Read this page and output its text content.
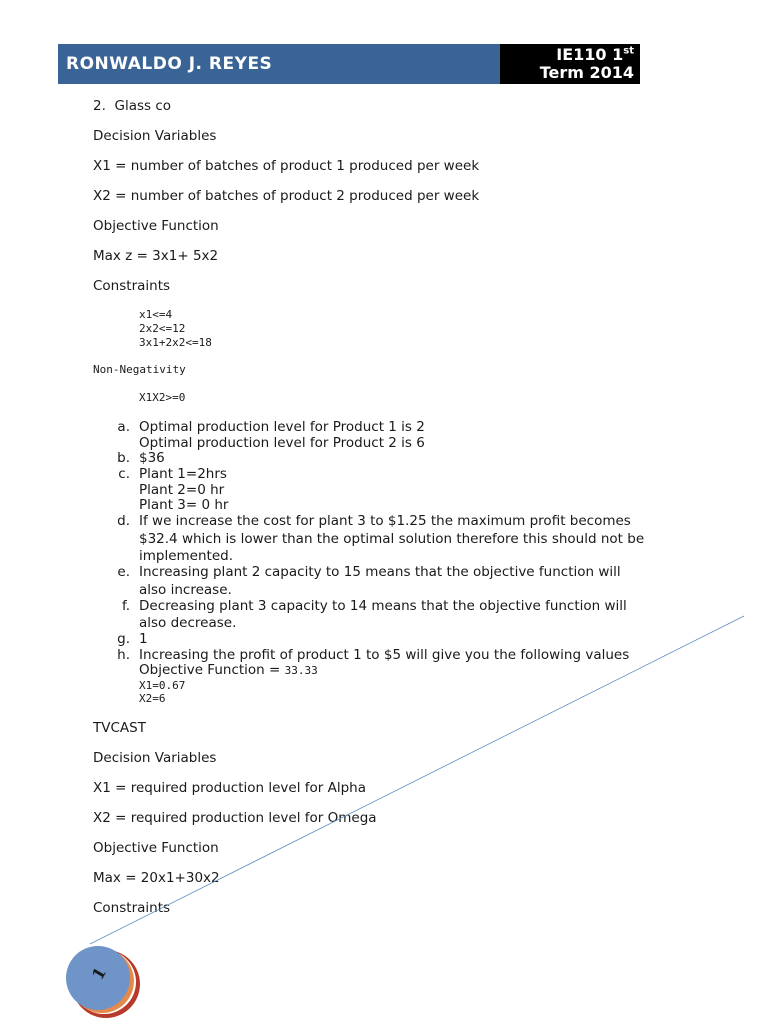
RONWALDO J. REYES	IE110 1st
Term 2014
2. Glass co
Decision Variables
X1 = number of batches of product 1 produced per week
X2 = number of batches of product 2 produced per week
Objective Function
Max z = 3x1+ 5x2
Constraints
x1<=4
2x2<=12
3x1+2x2<=18
Non-Negativity
X1X2>=0
a. Optimal production level for Product 1 is 2
Optimal production level for Product 2 is 6
b. $36
c. Plant 1=2hrs
Plant 2=0 hr
Plant 3= 0 hr
d. If we increase the cost for plant 3 to $1.25 the maximum profit becomes
$32.4 which is lower than the optimal solution therefore this should not be
implemented.
e. Increasing plant 2 capacity to 15 means that the objective function will
also increase.
f. Decreasing plant 3 capacity to 14 means that the objective function will
also decrease.
g. 1
h. Increasing the profit of product 1 to $5 will give you the following values
Objective Function = 33.33
X1=0.67
X2=6
TVCAST
Decision Variables
X1 = required production level for Alpha
X2 = required production level for Omega
Objective Function
Max = 20x1+30x2
Constraints
1
